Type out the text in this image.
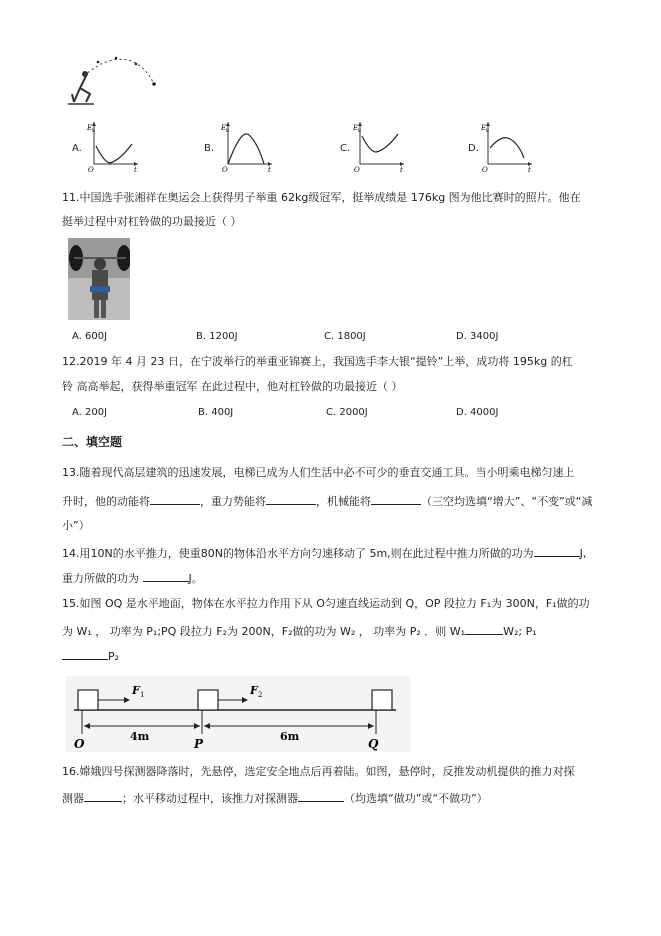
A.
E
t
O
k
B.
E
t
O
k
C.
E
t
O
k
D.
E
t
O
k
11.中国选手张湘祥在奥运会上获得男子举重 62kg级冠军，挺举成绩是 176kg 图为他比赛时的照片。他在
挺举过程中对杠铃做的功最接近（ ）
A. 600J	B. 1200J	C. 1800J	D. 3400J
12.2019 年 4 月 23 日，在宁波举行的举重亚锦赛上，我国选手李大银“提铃”上举，成功将 195kg 的杠
铃 高高举起，获得举重冠军 在此过程中，他对杠铃做的功最接近（ ）
A. 200J	B. 400J	C. 2000J	D. 4000J
二、填空题
13.随着现代高层建筑的迅速发展，电梯已成为人们生活中必不可少的垂直交通工具。当小明乘电梯匀速上
升时，他的动能将	，重力势能将	，机械能将	（三空均选填“增大”、“不变”或“减
小”）
14.用10N的水平推力，使重80N的物体沿水平方向匀速移动了 5m,则在此过程中推力所做的功为	J,
重力所做的功为	J。
15.如图 OQ 是水平地面，物体在水平拉力作用下从 O匀速直线运动到 Q，OP 段拉力 F₁为 300N，F₁做的功
为 W₁ ， 功率为 P₁;PQ 段拉力 F₂为 200N，F₂做的功为 W₂ ， 功率为 P₂ ．则 W₁	W₂; P₁
P₂
F 1	F 2
4m	6m
O	P	Q
16.嫦娥四号探测器降落时，先悬停，选定安全地点后再着陆。如图，悬停时，反推发动机提供的推力对探
测器	；水平移动过程中，该推力对探测器	（均选填“做功”或“不做功”）
